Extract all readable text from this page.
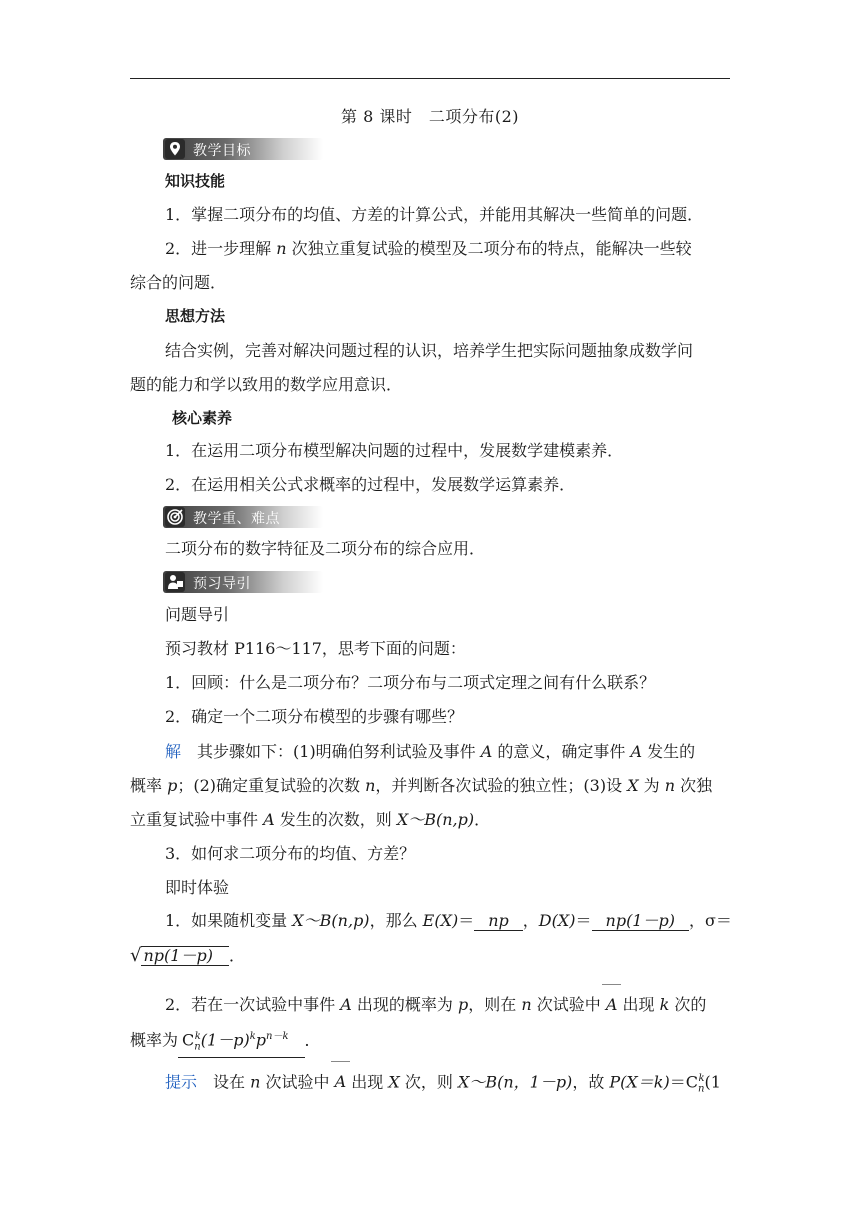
第 8 课时　二项分布(2)
教学目标
知识技能
1．掌握二项分布的均值、方差的计算公式，并能用其解决一些简单的问题．
2．进一步理解 n 次独立重复试验的模型及二项分布的特点，能解决一些较
综合的问题．
思想方法
结合实例，完善对解决问题过程的认识，培养学生把实际问题抽象成数学问
题的能力和学以致用的数学应用意识．
核心素养
1．在运用二项分布模型解决问题的过程中，发展数学建模素养．
2．在运用相关公式求概率的过程中，发展数学运算素养．
教学重、难点
二项分布的数字特征及二项分布的综合应用．
预习导引
问题导引
预习教材 P116～117，思考下面的问题：
1．回顾：什么是二项分布？二项分布与二项式定理之间有什么联系？
2．确定一个二项分布模型的步骤有哪些？
解　其步骤如下：(1)明确伯努利试验及事件 A 的意义，确定事件 A 发生的
概率 p；(2)确定重复试验的次数 n，并判断各次试验的独立性；(3)设 X 为 n 次独
立重复试验中事件 A 发生的次数，则 X～B(n,p)．
3．如何求二项分布的均值、方差？
即时体验
1．如果随机变量 X～B(n,p)，那么 E(X)＝ np ，D(X)＝ np(1－p) ，σ＝
√ np(1－p) ．
2．若在一次试验中事件 A 出现的概率为 p，则在 n 次试验中 A 出现 k 次的
概率为 $C_n^k(1-p)^kp^{n-k}$ ．
提示　设在 n 次试验中 A 出现 X 次，则 X～B(n，1－p)，故 $P(X=k)=C_n^k(1$
